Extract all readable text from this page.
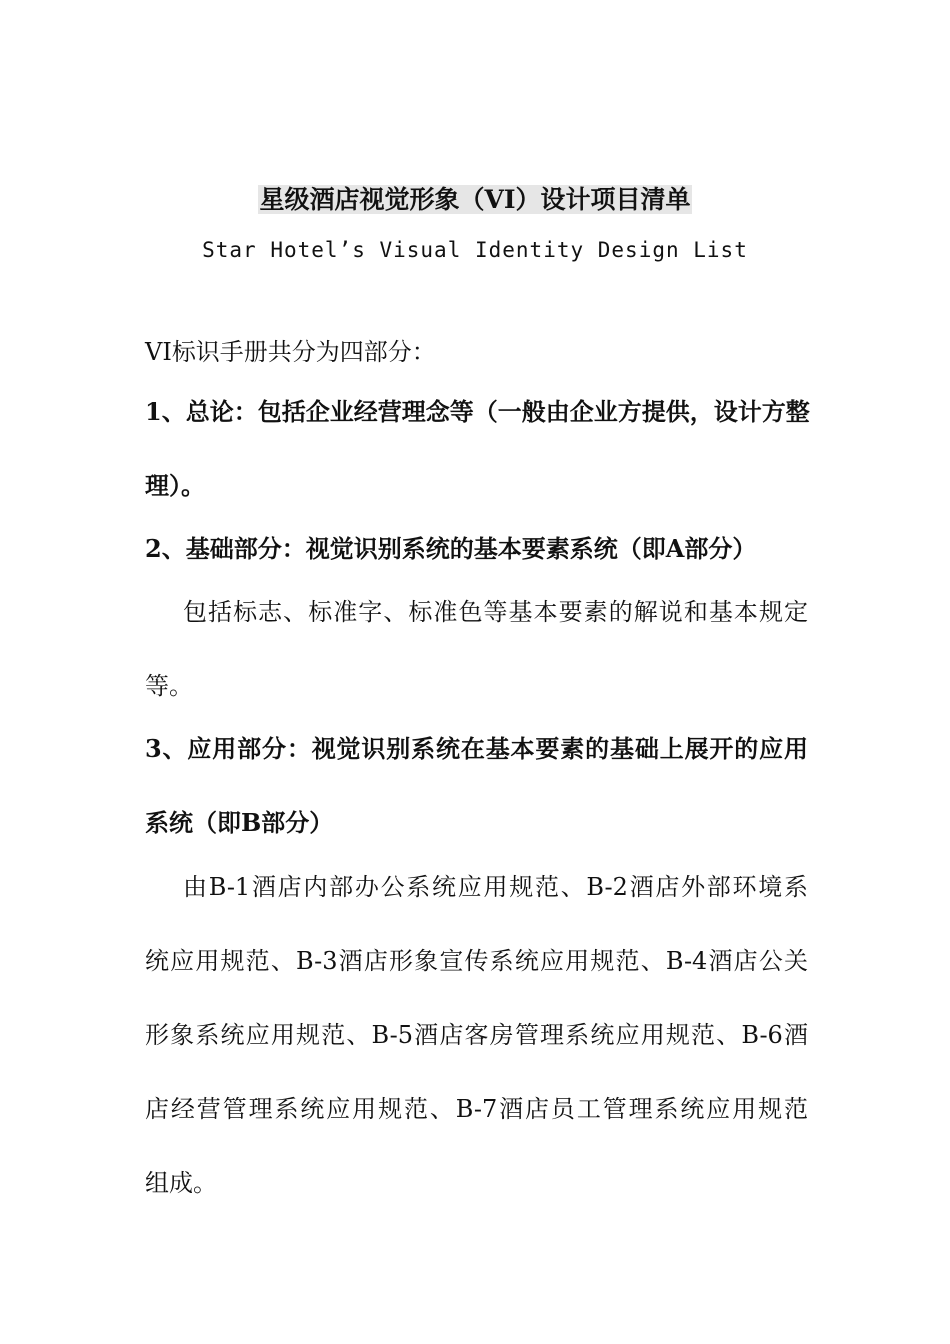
星级酒店视觉形象（VI）设计项目清单
Star Hotel’s Visual Identity Design List
VI标识手册共分为四部分：
1、总论：包括企业经营理念等（一般由企业方提供，设计方整
理）。
2、基础部分：视觉识别系统的基本要素系统（即A部分）
包括标志、标准字、标准色等基本要素的解说和基本规定
等。
3、应用部分：视觉识别系统在基本要素的基础上展开的应用
系统（即B部分）
由B-1酒店内部办公系统应用规范、B-2酒店外部环境系
统应用规范、B-3酒店形象宣传系统应用规范、B-4酒店公关
形象系统应用规范、B-5酒店客房管理系统应用规范、B-6酒
店经营管理系统应用规范、B-7酒店员工管理系统应用规范
组成。
